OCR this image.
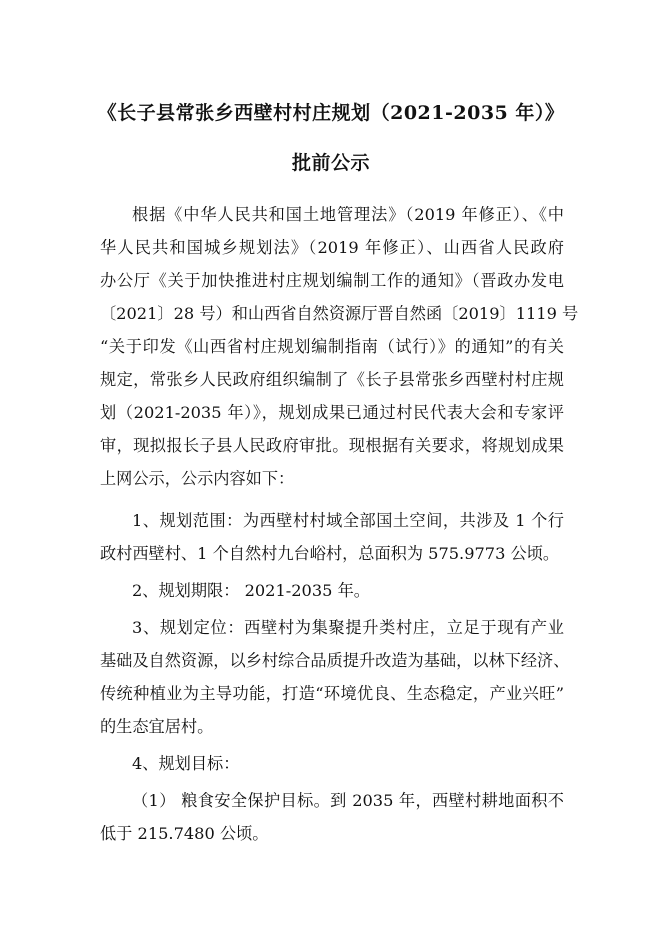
《长子县常张乡西壁村村庄规划（2021-2035 年）》
批前公示
根据《中华人民共和国土地管理法》（2019 年修正）、《中
华人民共和国城乡规划法》（2019 年修正）、山西省人民政府
办公厅《关于加快推进村庄规划编制工作的通知》（晋政办发电
〔2021〕28 号）和山西省自然资源厅晋自然函〔2019〕1119 号
“关于印发《山西省村庄规划编制指南（试行）》的通知”的有关
规定，常张乡人民政府组织编制了《长子县常张乡西壁村村庄规
划（2021-2035 年）》，规划成果已通过村民代表大会和专家评
审，现拟报长子县人民政府审批。现根据有关要求，将规划成果
上网公示，公示内容如下：
1、规划范围：为西壁村村域全部国土空间，共涉及 1 个行
政村西壁村、1 个自然村九台峪村，总面积为 575.9773 公顷。
2、规划期限： 2021-2035 年。
3、规划定位：西壁村为集聚提升类村庄，立足于现有产业
基础及自然资源，以乡村综合品质提升改造为基础，以林下经济、
传统种植业为主导功能，打造“环境优良、生态稳定，产业兴旺”
的生态宜居村。
4、规划目标：
（1） 粮食安全保护目标。到 2035 年，西壁村耕地面积不
低于 215.7480 公顷。
